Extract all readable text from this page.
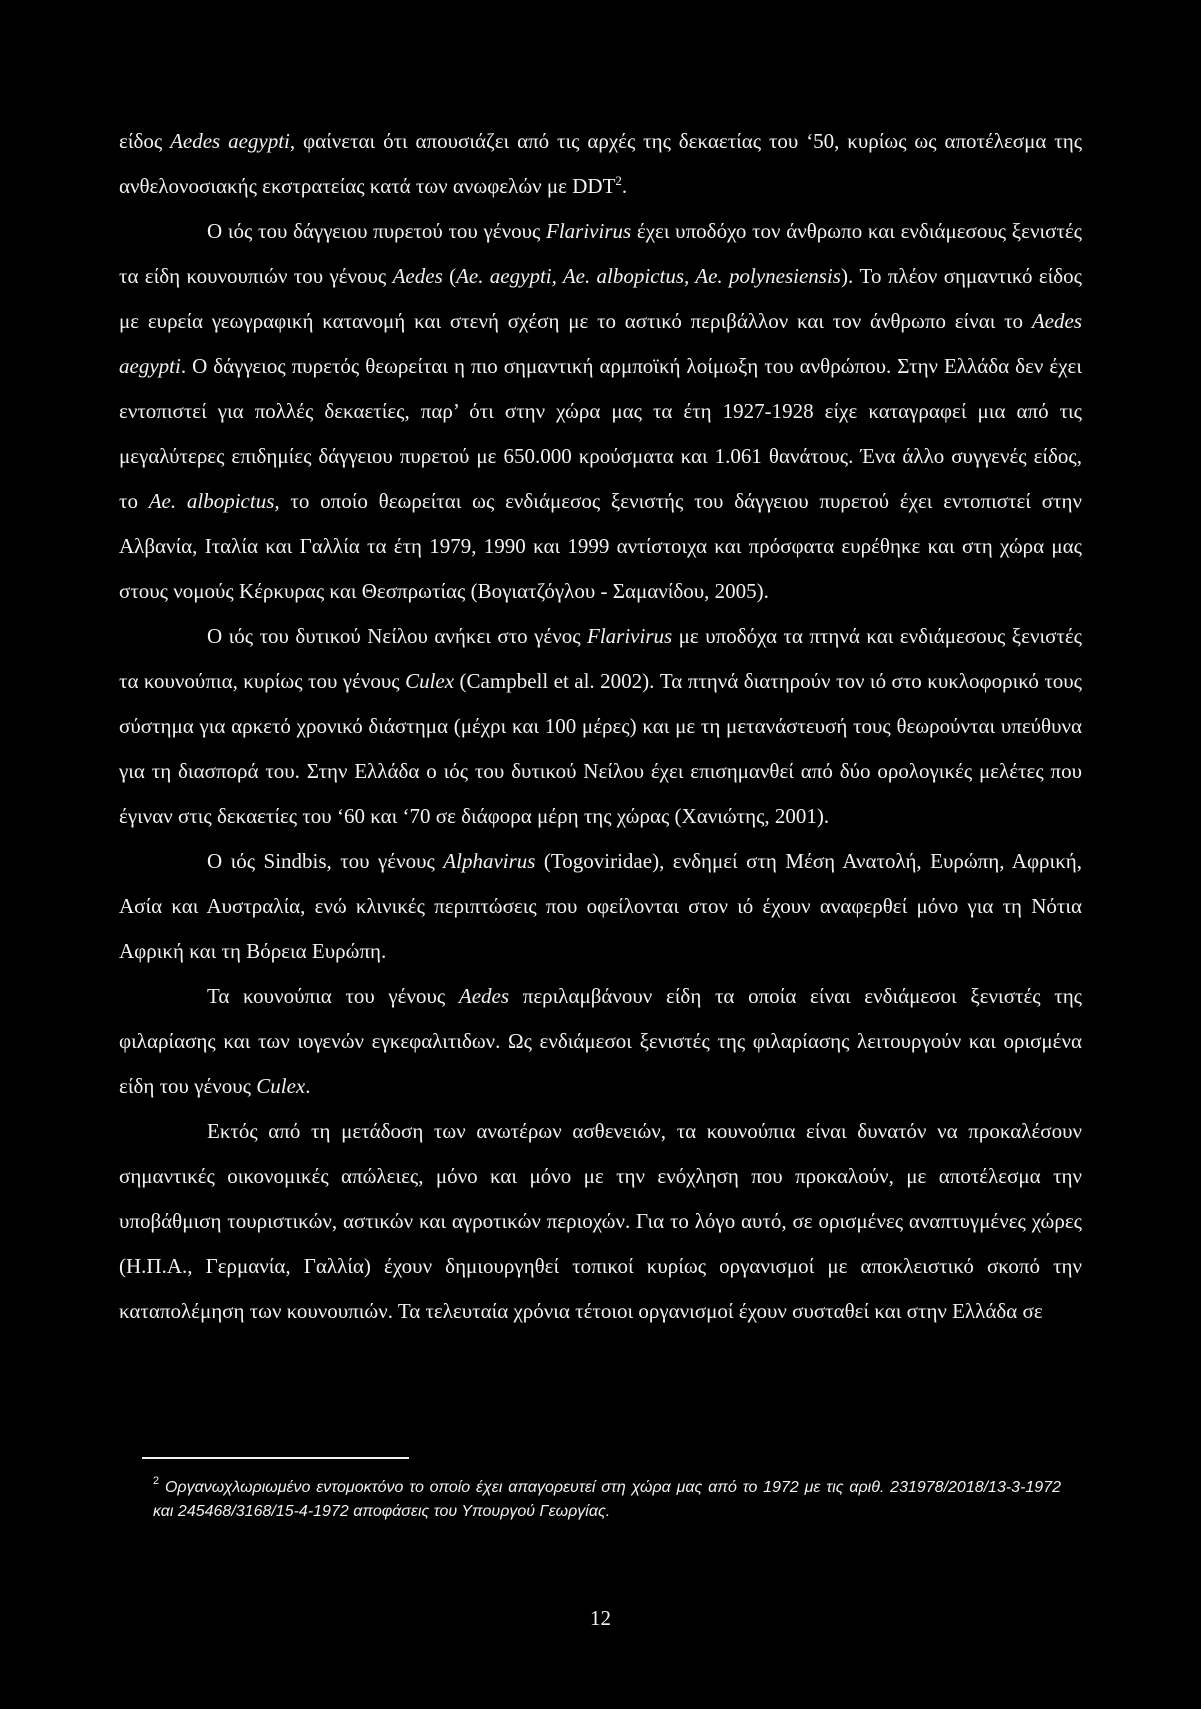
είδος Aedes aegypti, φαίνεται ότι απουσιάζει από τις αρχές της δεκαετίας του ‘50, κυρίως ως αποτέλεσμα της ανθελονοσιακής εκστρατείας κατά των ανωφελών με DDT$^2$.

Ο ιός του δάγγειου πυρετού του γένους Flarivirus έχει υποδόχο τον άνθρωπο και ενδιάμεσους ξενιστές τα είδη κουνουπιών του γένους Aedes (Ae. aegypti, Ae. albopictus, Ae. polynesiensis). Το πλέον σημαντικό είδος με ευρεία γεωγραφική κατανομή και στενή σχέση με το αστικό περιβάλλον και τον άνθρωπο είναι το Aedes aegypti. Ο δάγγειος πυρετός θεωρείται η πιο σημαντική αρμποϊκή λοίμωξη του ανθρώπου. Στην Ελλάδα δεν έχει εντοπιστεί για πολλές δεκαετίες, παρ’ ότι στην χώρα μας τα έτη 1927-1928 είχε καταγραφεί μια από τις μεγαλύτερες επιδημίες δάγγειου πυρετού με 650.000 κρούσματα και 1.061 θανάτους. Ένα άλλο συγγενές είδος, το Ae. albopictus, το οποίο θεωρείται ως ενδιάμεσος ξενιστής του δάγγειου πυρετού έχει εντοπιστεί στην Αλβανία, Ιταλία και Γαλλία τα έτη 1979, 1990 και 1999 αντίστοιχα και πρόσφατα ευρέθηκε και στη χώρα μας στους νομούς Κέρκυρας και Θεσπρωτίας (Βογιατζόγλου - Σαμανίδου, 2005).

Ο ιός του δυτικού Νείλου ανήκει στο γένος Flarivirus με υποδόχα τα πτηνά και ενδιάμεσους ξενιστές τα κουνούπια, κυρίως του γένους Culex (Campbell et al. 2002). Τα πτηνά διατηρούν τον ιό στο κυκλοφορικό τους σύστημα για αρκετό χρονικό διάστημα (μέχρι και 100 μέρες) και με τη μετανάστευσή τους θεωρούνται υπεύθυνα για τη διασπορά του. Στην Ελλάδα ο ιός του δυτικού Νείλου έχει επισημανθεί από δύο ορολογικές μελέτες που έγιναν στις δεκαετίες του ‘60 και ‘70 σε διάφορα μέρη της χώρας (Χανιώτης, 2001).

Ο ιός Sindbis, του γένους Alphavirus (Togoviridae), ενδημεί στη Μέση Ανατολή, Ευρώπη, Αφρική, Ασία και Αυστραλία, ενώ κλινικές περιπτώσεις που οφείλονται στον ιό έχουν αναφερθεί μόνο για τη Νότια Αφρική και τη Βόρεια Ευρώπη.

Τα κουνούπια του γένους Aedes περιλαμβάνουν είδη τα οποία είναι ενδιάμεσοι ξενιστές της φιλαρίασης και των ιογενών εγκεφαλιτιδων. Ως ενδιάμεσοι ξενιστές της φιλαρίασης λειτουργούν και ορισμένα είδη του γένους Culex.

Εκτός από τη μετάδοση των ανωτέρων ασθενειών, τα κουνούπια είναι δυνατόν να προκαλέσουν σημαντικές οικονομικές απώλειες, μόνο και μόνο με την ενόχληση που προκαλούν, με αποτέλεσμα την υποβάθμιση τουριστικών, αστικών και αγροτικών περιοχών. Για το λόγο αυτό, σε ορισμένες αναπτυγμένες χώρες (Η.Π.Α., Γερμανία, Γαλλία) έχουν δημιουργηθεί τοπικοί κυρίως οργανισμοί με αποκλειστικό σκοπό την καταπολέμηση των κουνουπιών. Τα τελευταία χρόνια τέτοιοι οργανισμοί έχουν συσταθεί και στην Ελλάδα σε

$^2$ Οργανωχλωριωμένο εντομοκτόνο το οποίο έχει απαγορευτεί στη χώρα μας από το 1972 με τις αριθ. 231978/2018/13-3-1972 και 245468/3168/15-4-1972 αποφάσεις του Υπουργού Γεωργίας.
12
